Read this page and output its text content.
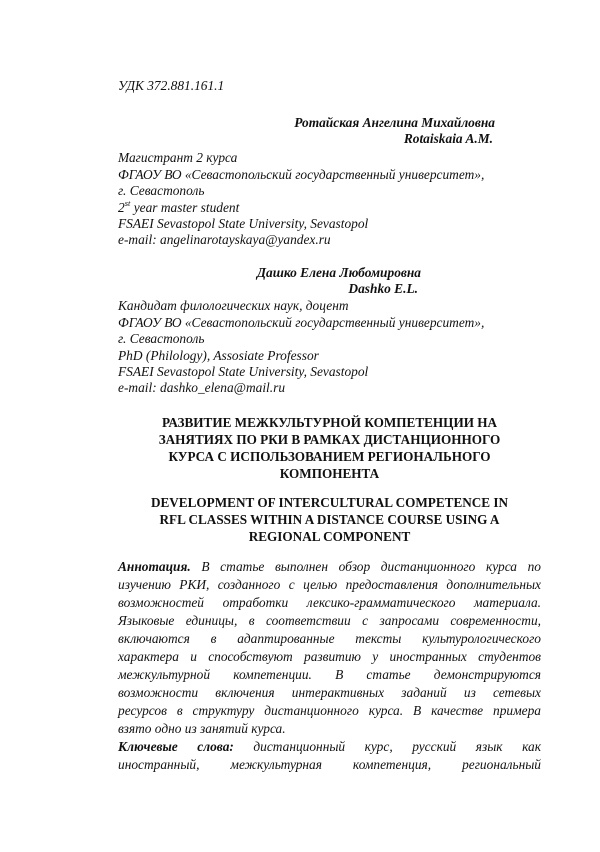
УДК 372.881.161.1
Ротайская Ангелина Михайловна
Rotaiskaia A.M.
Магистрант 2 курса
ФГАОУ ВО «Севастопольский государственный университет»,
г. Севастополь
2st year master student
FSAEI Sevastopol State University, Sevastopol
e-mail: angelinarotayskaya@yandex.ru
Дашко Елена Любомировна
Dashko E.L.
Кандидат филологических наук, доцент
ФГАОУ ВО «Севастопольский государственный университет»,
г. Севастополь
PhD (Philology), Assosiate Professor
FSAEI Sevastopol State University, Sevastopol
e-mail: dashko_elena@mail.ru
РАЗВИТИЕ МЕЖКУЛЬТУРНОЙ КОМПЕТЕНЦИИ НА
ЗАНЯТИЯХ ПО РКИ В РАМКАХ ДИСТАНЦИОННОГО
КУРСА С ИСПОЛЬЗОВАНИЕМ РЕГИОНАЛЬНОГО
КОМПОНЕНТА
DEVELOPMENT OF INTERCULTURAL COMPETENCE IN
RFL CLASSES WITHIN A DISTANCE COURSE USING A
REGIONAL COMPONENT
Аннотация. В статье выполнен обзор дистанционного курса по
изучению РКИ, созданного с целью предоставления дополнительных
возможностей отработки лексико-грамматического материала.
Языковые единицы, в соответствии с запросами современности,
включаются в адаптированные тексты культурологического
характера и способствуют развитию у иностранных студентов
межкультурной компетенции. В статье демонстрируются
возможности включения интерактивных заданий из сетевых
ресурсов в структуру дистанционного курса. В качестве примера
взято одно из занятий курса.
Ключевые слова: дистанционный курс, русский язык как
иностранный, межкультурная компетенция, региональный
